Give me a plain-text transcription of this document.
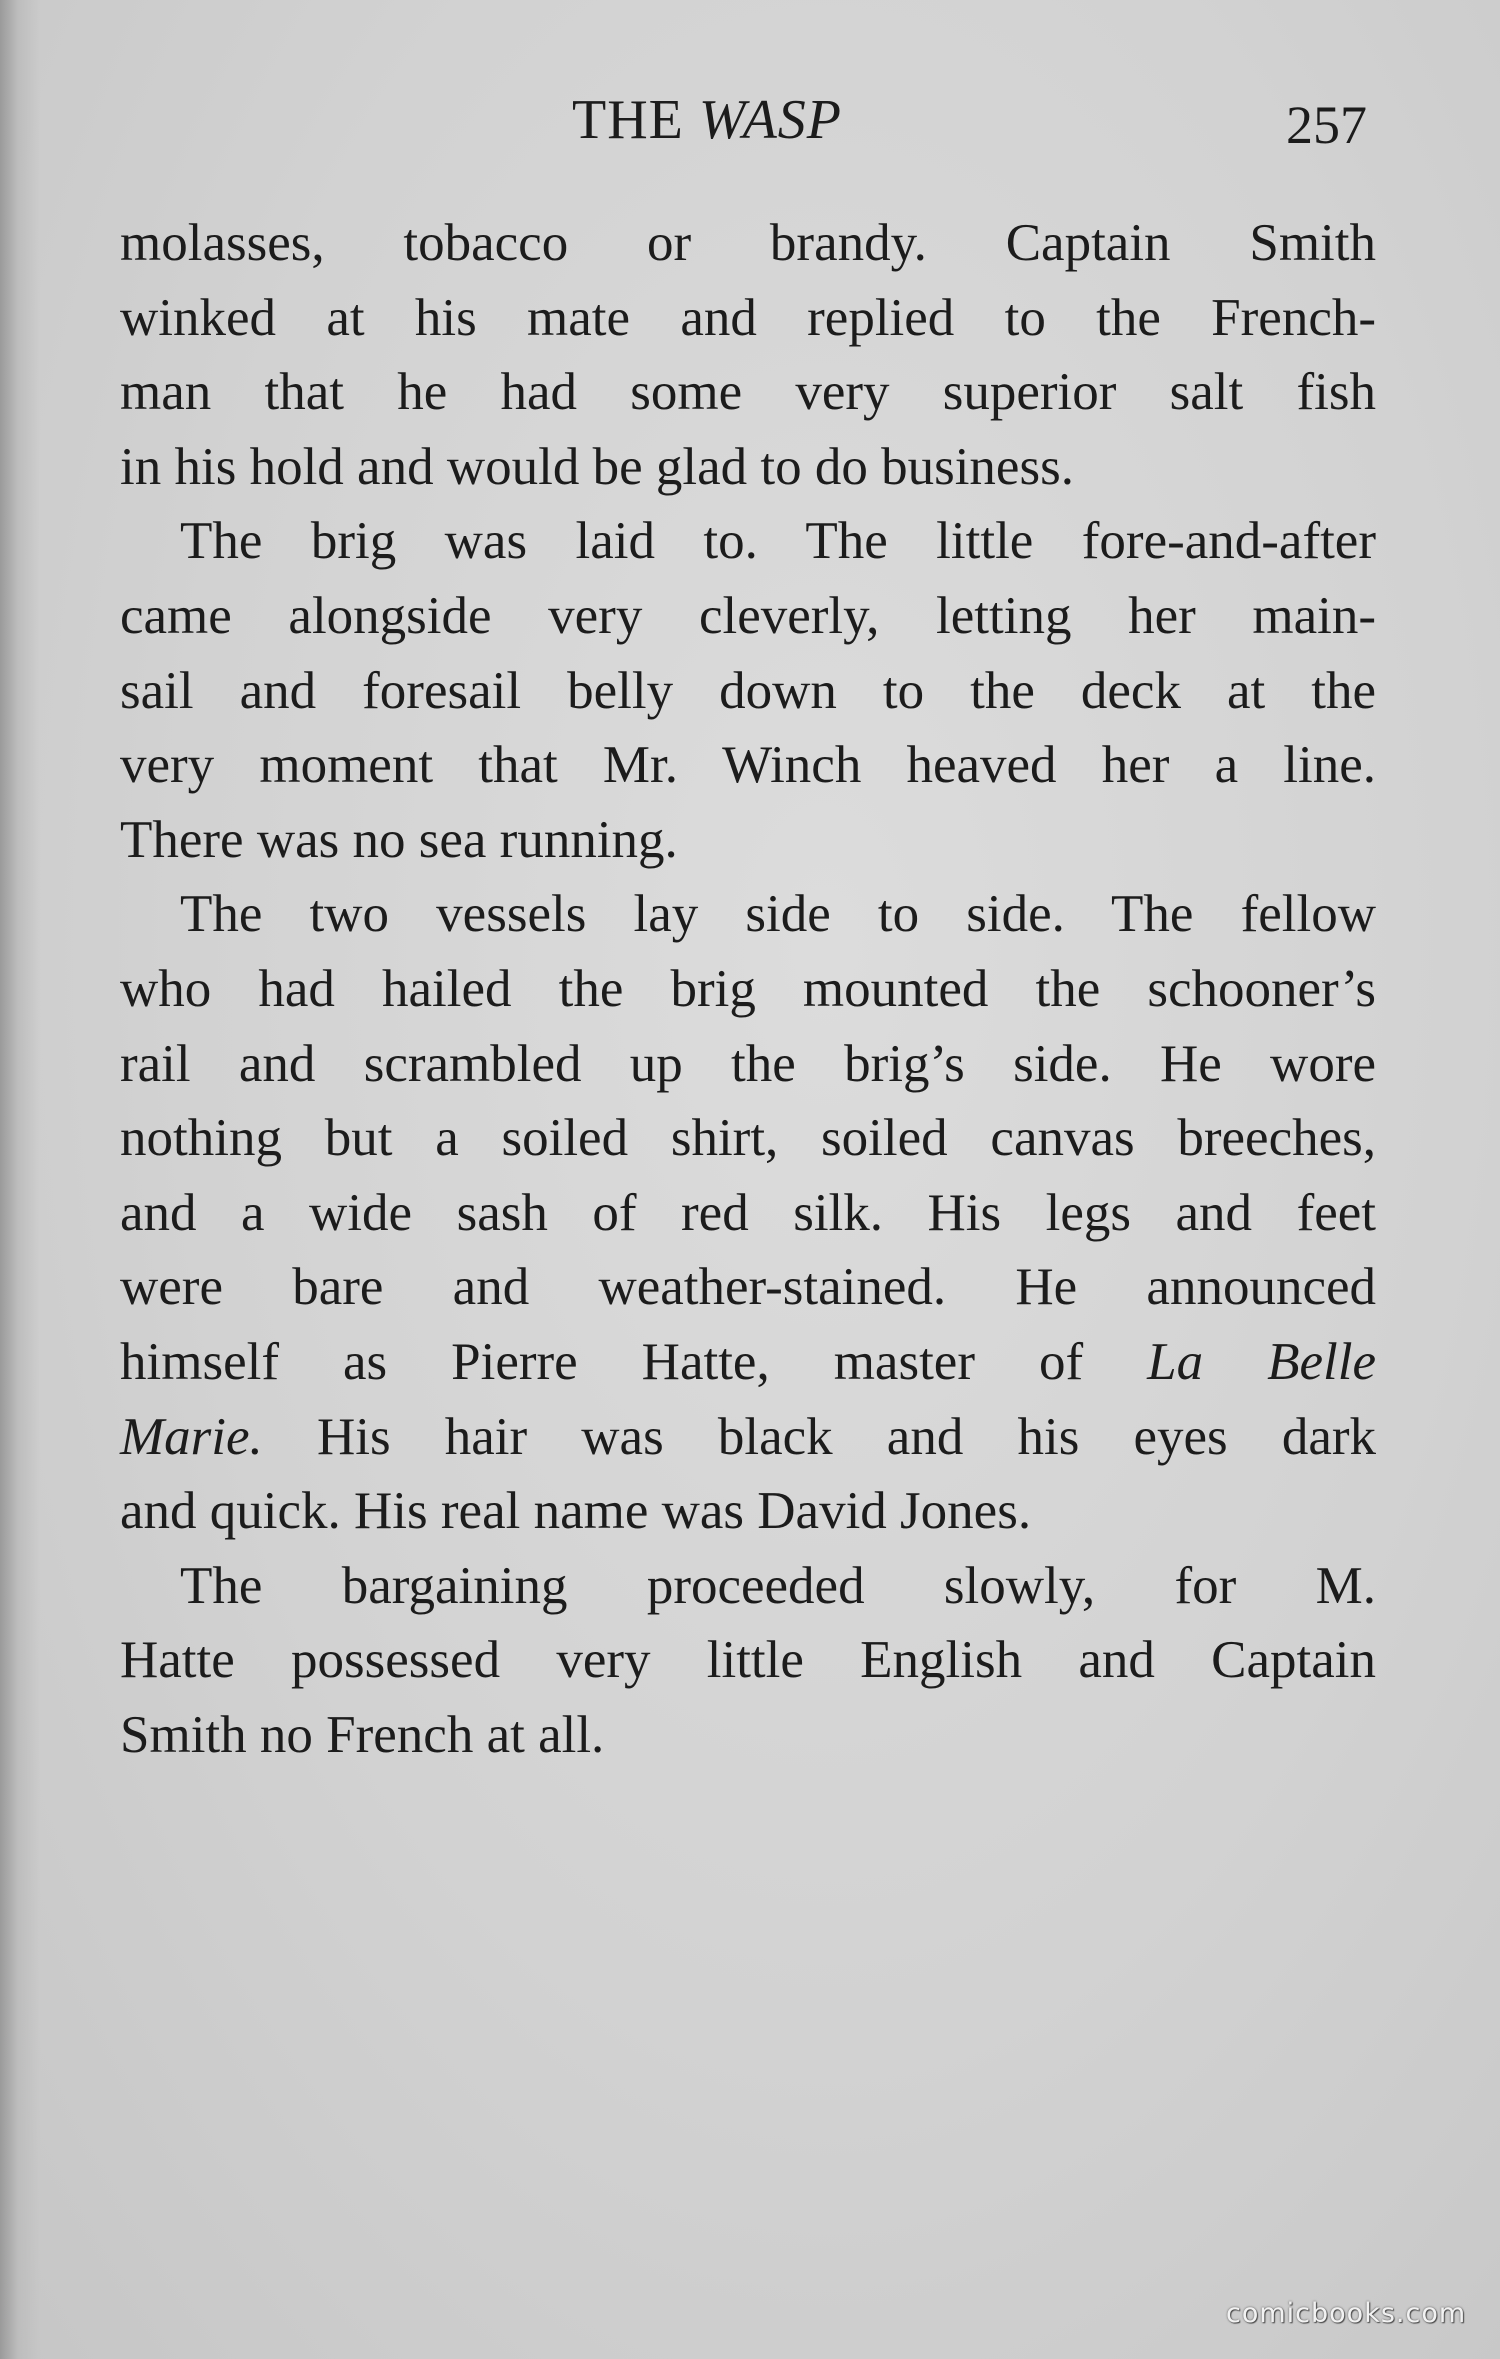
THE WASP	257
molasses, tobacco or brandy. Captain Smith
winked at his mate and replied to the French-
man that he had some very superior salt fish
in his hold and would be glad to do business.
The brig was laid to. The little fore-and-after
came alongside very cleverly, letting her main-
sail and foresail belly down to the deck at the
very moment that Mr. Winch heaved her a line.
There was no sea running.
The two vessels lay side to side. The fellow
who had hailed the brig mounted the schooner’s
rail and scrambled up the brig’s side. He wore
nothing but a soiled shirt, soiled canvas breeches,
and a wide sash of red silk. His legs and feet
were bare and weather-stained. He announced
himself as Pierre Hatte, master of La Belle
Marie. His hair was black and his eyes dark
and quick. His real name was David Jones.
The bargaining proceeded slowly, for M.
Hatte possessed very little English and Captain
Smith no French at all.
comicbooks.com
